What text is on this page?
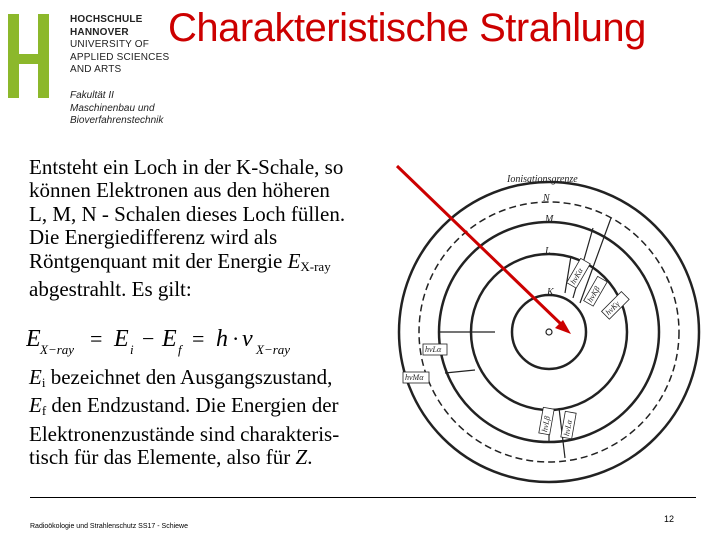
HOCHSCHULE
HANNOVER
UNIVERSITY OF
APPLIED SCIENCES
AND ARTS
Fakultät II
Maschinenbau und
Bioverfahrenstechnik
Charakteristische Strahlung
Entsteht ein Loch in der K-Schale, so
können Elektronen aus den höheren
L, M, N - Schalen dieses Loch füllen.
Die Energiedifferenz wird als
Röntgenquant mit der Energie $E_{X-ray}$
abgestrahlt. Es gilt:
E X−ray = E i − E f = h · ν X−ray
$E_i$ bezeichnet den Ausgangszustand,
$E_f$ den Endzustand. Die Energien der
Elektronenzustände sind charakteris-
tisch für das Elemente, also für Z.
Ionisationsgrenze
N
M
L
K
hνKα
hνKβ
hνKγ
hνLα
hνMα
hνLβ hνLα
Radioökologie und Strahlenschutz SS17 - Schiewe
12
